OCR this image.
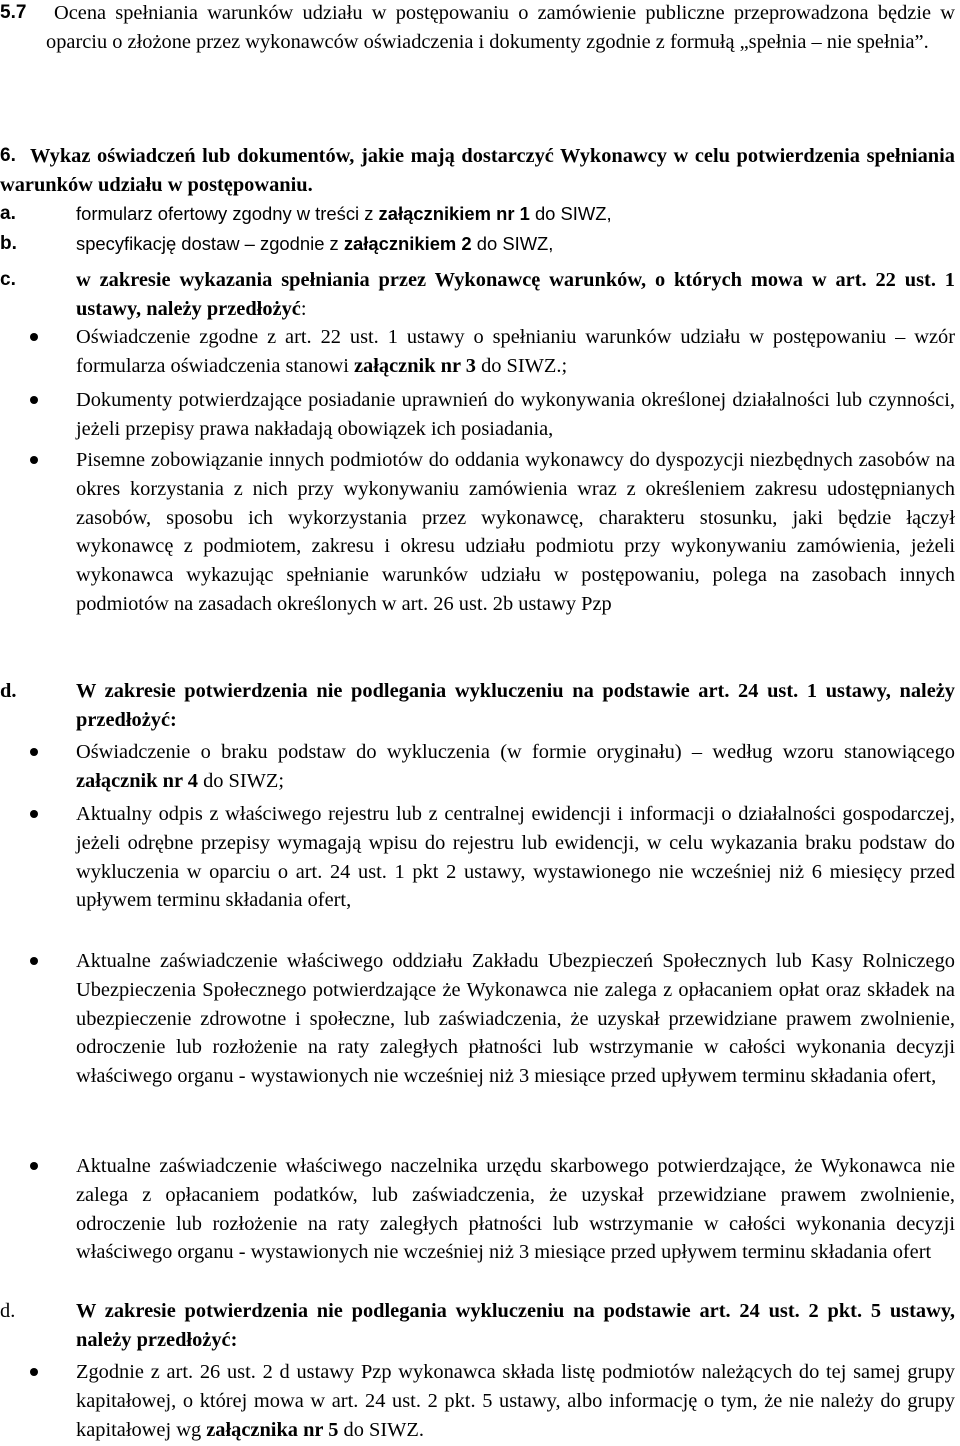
5.7	Ocena spełniania warunków udziału w postępowaniu o zamówienie publiczne przeprowadzona będzie w oparciu o złożone przez wykonawców oświadczenia i dokumenty zgodnie z formułą „spełnia – nie spełnia”.

6. Wykaz oświadczeń lub dokumentów, jakie mają dostarczyć Wykonawcy w celu potwierdzenia spełniania warunków udziału w postępowaniu.

a.	formularz ofertowy zgodny w treści z załącznikiem nr 1 do SIWZ,

b.	specyfikację dostaw – zgodnie z załącznikiem 2 do SIWZ,

c.	w zakresie wykazania spełniania przez Wykonawcę warunków, o których mowa w art. 22 ust. 1 ustawy, należy przedłożyć:

Oświadczenie zgodne z art. 22 ust. 1 ustawy o spełnianiu warunków udziału w postępowaniu – wzór formularza oświadczenia stanowi załącznik nr 3 do SIWZ.;

Dokumenty potwierdzające posiadanie uprawnień do wykonywania określonej działalności lub czynności, jeżeli przepisy prawa nakładają obowiązek ich posiadania,

Pisemne zobowiązanie innych podmiotów do oddania wykonawcy do dyspozycji niezbędnych zasobów na okres korzystania z nich przy wykonywaniu zamówienia wraz z określeniem zakresu udostępnianych zasobów, sposobu ich wykorzystania przez wykonawcę, charakteru stosunku, jaki będzie łączył wykonawcę z podmiotem, zakresu i okresu udziału podmiotu przy wykonywaniu zamówienia, jeżeli wykonawca wykazując spełnianie warunków udziału w postępowaniu, polega na zasobach innych podmiotów na zasadach określonych w art. 26 ust. 2b ustawy Pzp

d.	W zakresie potwierdzenia nie podlegania wykluczeniu na podstawie art. 24 ust. 1 ustawy, należy przedłożyć:

Oświadczenie o braku podstaw do wykluczenia (w formie oryginału) – według wzoru stanowiącego załącznik nr 4 do SIWZ;

Aktualny odpis z właściwego rejestru lub z centralnej ewidencji i informacji o działalności gospodarczej, jeżeli odrębne przepisy wymagają wpisu do rejestru lub ewidencji, w celu wykazania braku podstaw do wykluczenia w oparciu o art. 24 ust. 1 pkt 2 ustawy, wystawionego nie wcześniej niż 6 miesięcy przed upływem terminu składania ofert,

Aktualne zaświadczenie właściwego oddziału Zakładu Ubezpieczeń Społecznych lub Kasy Rolniczego Ubezpieczenia Społecznego potwierdzające że Wykonawca nie zalega z opłacaniem opłat oraz składek na ubezpieczenie zdrowotne i społeczne, lub zaświadczenia, że uzyskał przewidziane prawem zwolnienie, odroczenie lub rozłożenie na raty zaległych płatności lub wstrzymanie w całości wykonania decyzji właściwego organu - wystawionych nie wcześniej niż 3 miesiące przed upływem terminu składania ofert,

Aktualne zaświadczenie właściwego naczelnika urzędu skarbowego potwierdzające, że Wykonawca nie zalega z opłacaniem podatków, lub zaświadczenia, że uzyskał przewidziane prawem zwolnienie, odroczenie lub rozłożenie na raty zaległych płatności lub wstrzymanie w całości wykonania decyzji właściwego organu - wystawionych nie wcześniej niż 3 miesiące przed upływem terminu składania ofert

d.	W zakresie potwierdzenia nie podlegania wykluczeniu na podstawie art. 24 ust. 2 pkt. 5 ustawy, należy przedłożyć:

Zgodnie z art. 26 ust. 2 d ustawy Pzp wykonawca składa listę podmiotów należących do tej samej grupy kapitałowej, o której mowa w art. 24 ust. 2 pkt. 5 ustawy, albo informację o tym, że nie należy do grupy kapitałowej wg załącznika nr 5 do SIWZ.
